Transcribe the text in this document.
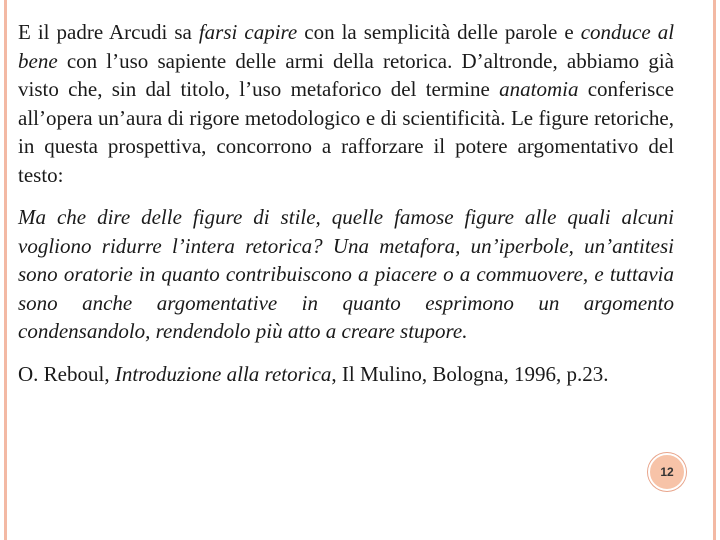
E il padre Arcudi sa farsi capire con la semplicità delle parole e conduce al bene con l’uso sapiente delle armi della retorica. D’altronde, abbiamo già visto che, sin dal titolo, l’uso metaforico del termine anatomia conferisce all’opera un’aura di rigore metodologico e di scientificità. Le figure retoriche, in questa prospettiva, concorrono a rafforzare il potere argomentativo del testo:

Ma che dire delle figure di stile, quelle famose figure alle quali alcuni vogliono ridurre l’intera retorica? Una metafora, un’iperbole, un’antitesi sono oratorie in quanto contribuiscono a piacere o a commuovere, e tuttavia sono anche argomentative in quanto esprimono un argomento condensandolo, rendendolo più atto a creare stupore.

O. Reboul, Introduzione alla retorica, Il Mulino, Bologna, 1996, p.23.

12
